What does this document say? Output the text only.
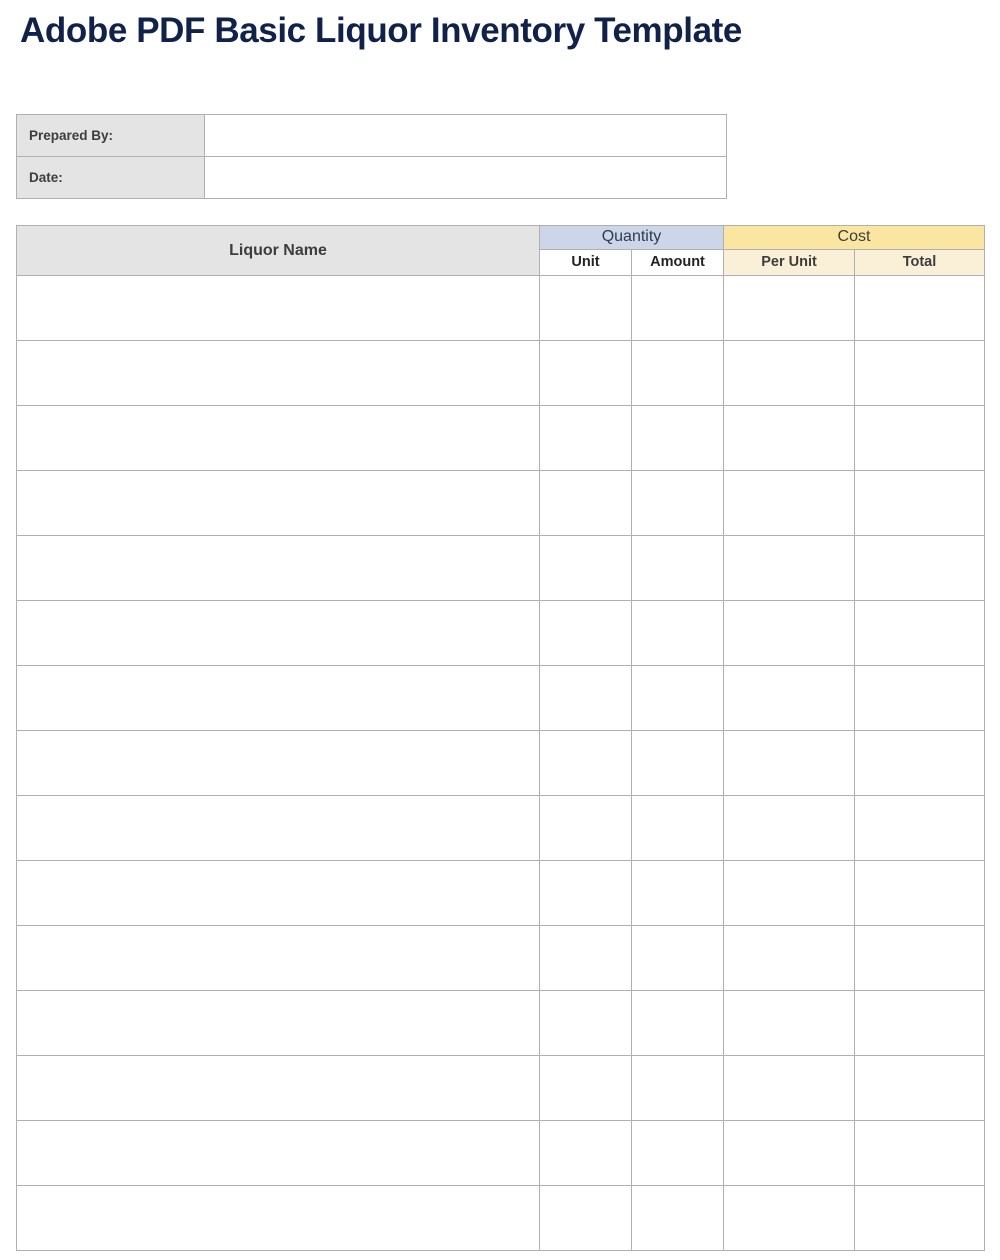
Adobe PDF Basic Liquor Inventory Template
Prepared By:	
Date:	
Liquor Name	Quantity		Cost	
	Unit	Amount	Per Unit	Total
